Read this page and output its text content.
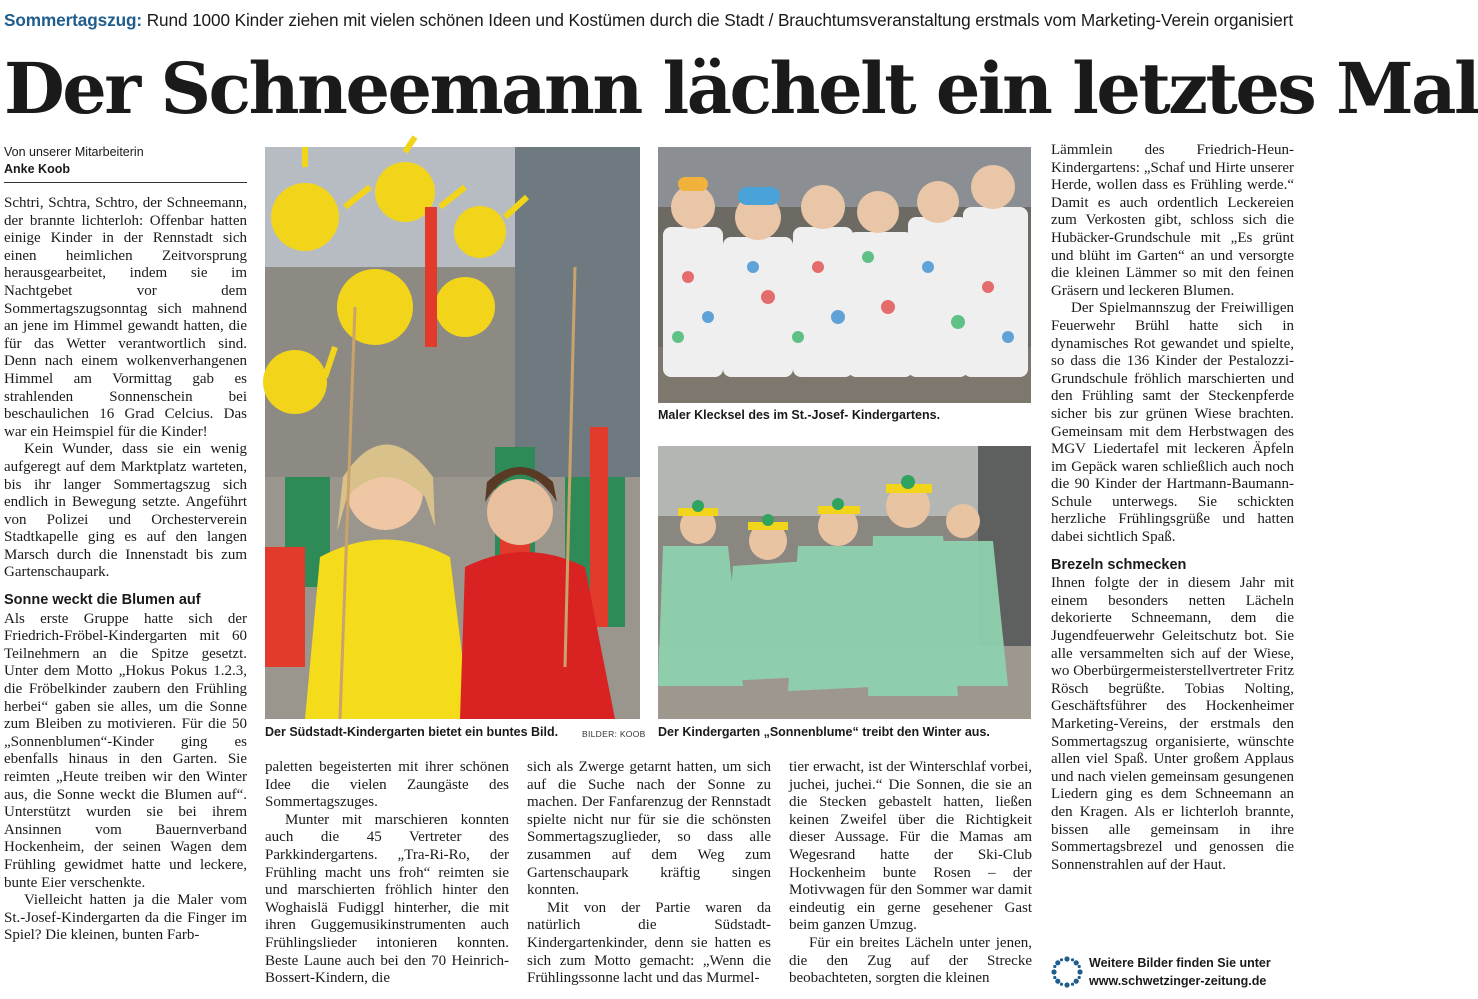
Sommertagszug: Rund 1000 Kinder ziehen mit vielen schönen Ideen und Kostümen durch die Stadt / Brauchtumsveranstaltung erstmals vom Marketing-Verein organisiert
Der Schneemann lächelt ein letztes Mal
Von unserer Mitarbeiterin
Anke Koob

Schtri, Schtra, Schtro, der Schneemann, der brannte lichterloh: Offenbar hatten einige Kinder in der Rennstadt sich einen heimlichen Zeitvorsprung herausgearbeitet, indem sie im Nachtgebet vor dem Sommertagszugsonntag sich mahnend an jene im Himmel gewandt hatten, die für das Wetter verantwortlich sind. Denn nach einem wolkenverhangenen Himmel am Vormittag gab es strahlenden Sonnenschein bei beschaulichen 16 Grad Celcius. Das war ein Heimspiel für die Kinder!

Kein Wunder, dass sie ein wenig aufgeregt auf dem Marktplatz warteten, bis ihr langer Sommertagszug sich endlich in Bewegung setzte. Angeführt von Polizei und Orchesterverein Stadtkapelle ging es auf den langen Marsch durch die Innenstadt bis zum Gartenschaupark.

Sonne weckt die Blumen auf

Als erste Gruppe hatte sich der Friedrich-Fröbel-Kindergarten mit 60 Teilnehmern an die Spitze gesetzt. Unter dem Motto „Hokus Pokus 1.2.3, die Fröbelkinder zaubern den Frühling herbei“ gaben sie alles, um die Sonne zum Bleiben zu motivieren. Für die 50 „Sonnenblumen“-Kinder ging es ebenfalls hinaus in den Garten. Sie reimten „Heute treiben wir den Winter aus, die Sonne weckt die Blumen auf“. Unterstützt wurden sie bei ihrem Ansinnen vom Bauernverband Hockenheim, der seinen Wagen dem Frühling gewidmet hatte und leckere, bunte Eier verschenkte.

Vielleicht hatten ja die Maler vom St.-Josef-Kindergarten da die Finger im Spiel? Die kleinen, bunten Farb-

Maler Klecksel des im St.-Josef- Kindergartens.
Der Südstadt-Kindergarten bietet ein buntes Bild.	BILDER: KOOB Der Kindergarten „Sonnenblume“ treibt den Winter aus.

paletten begeisterten mit ihrer schönen Idee die vielen Zaungäste des Sommertagszuges.

Munter mit marschieren konnten auch die 45 Vertreter des Parkkindergartens. „Tra-Ri-Ro, der Frühling macht uns froh“ reimten sie und marschierten fröhlich hinter den Woghaislä Fudiggl hinterher, die mit ihren Guggemusikinstrumenten auch Frühlingslieder intonieren konnten. Beste Laune auch bei den 70 Heinrich-Bossert-Kindern, die

sich als Zwerge getarnt hatten, um sich auf die Suche nach der Sonne zu machen. Der Fanfarenzug der Rennstadt spielte nicht nur für sie die schönsten Sommertagszuglieder, so dass alle zusammen auf dem Weg zum Gartenschaupark kräftig singen konnten.

Mit von der Partie waren da natürlich die Südstadt-Kindergartenkinder, denn sie hatten es sich zum Motto gemacht: „Wenn die Frühlingssonne lacht und das Murmel-

tier erwacht, ist der Winterschlaf vorbei, juchei, juchei.“ Die Sonnen, die sie an die Stecken gebastelt hatten, ließen keinen Zweifel über die Richtigkeit dieser Aussage. Für die Mamas am Wegesrand hatte der Ski-Club Hockenheim bunte Rosen – der Motivwagen für den Sommer war damit eindeutig ein gerne gesehener Gast beim ganzen Umzug.

Für ein breites Lächeln unter jenen, die den Zug auf der Strecke beobachteten, sorgten die kleinen

Lämmlein des Friedrich-Heun-Kindergartens: „Schaf und Hirte unserer Herde, wollen dass es Frühling werde.“ Damit es auch ordentlich Leckereien zum Verkosten gibt, schloss sich die Hubäcker-Grundschule mit „Es grünt und blüht im Garten“ an und versorgte die kleinen Lämmer so mit den feinen Gräsern und leckeren Blumen.

Der Spielmannszug der Freiwilligen Feuerwehr Brühl hatte sich in dynamisches Rot gewandet und spielte, so dass die 136 Kinder der Pestalozzi-Grundschule fröhlich marschierten und den Frühling samt der Steckenpferde sicher bis zur grünen Wiese brachten. Gemeinsam mit dem Herbstwagen des MGV Liedertafel mit leckeren Äpfeln im Gepäck waren schließlich auch noch die 90 Kinder der Hartmann-Baumann-Schule unterwegs. Sie schickten herzliche Frühlingsgrüße und hatten dabei sichtlich Spaß.

Brezeln schmecken

Ihnen folgte der in diesem Jahr mit einem besonders netten Lächeln dekorierte Schneemann, dem die Jugendfeuerwehr Geleitschutz bot. Sie alle versammelten sich auf der Wiese, wo Oberbürgermeisterstellvertreter Fritz Rösch begrüßte. Tobias Nolting, Geschäftsführer des Hockenheimer Marketing-Vereins, der erstmals den Sommertagszug organisierte, wünschte allen viel Spaß. Unter großem Applaus und nach vielen gemeinsam gesungenen Liedern ging es dem Schneemann an den Kragen. Als er lichterloh brannte, bissen alle gemeinsam in ihre Sommertagsbrezel und genossen die Sonnenstrahlen auf der Haut.

Weitere Bilder finden Sie unter
www.schwetzinger-zeitung.de
